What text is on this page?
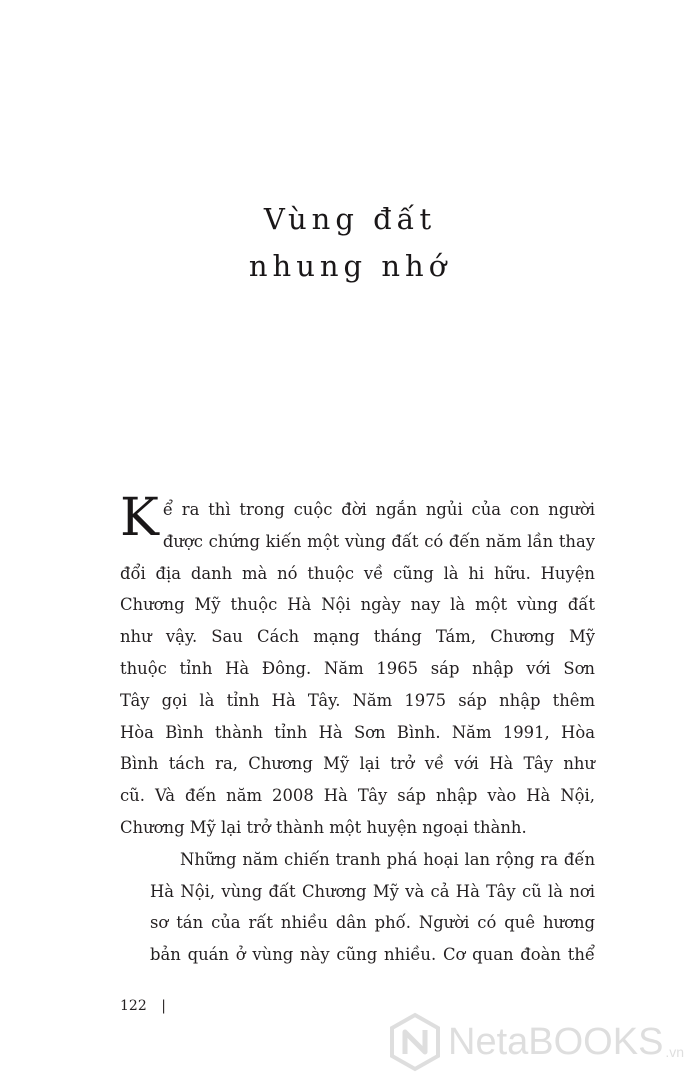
Vùng đất
nhung nhớ
K ể ra thì trong cuộc đời ngắn ngủi của con người
được chứng kiến một vùng đất có đến năm lần thay
đổi địa danh mà nó thuộc về cũng là hi hữu. Huyện
Chương Mỹ thuộc Hà Nội ngày nay là một vùng đất
như vậy. Sau Cách mạng tháng Tám, Chương Mỹ
thuộc tỉnh Hà Đông. Năm 1965 sáp nhập với Sơn
Tây gọi là tỉnh Hà Tây. Năm 1975 sáp nhập thêm
Hòa Bình thành tỉnh Hà Sơn Bình. Năm 1991, Hòa
Bình tách ra, Chương Mỹ lại trở về với Hà Tây như
cũ. Và đến năm 2008 Hà Tây sáp nhập vào Hà Nội,
Chương Mỹ lại trở thành một huyện ngoại thành.
Những năm chiến tranh phá hoại lan rộng ra đến
Hà Nội, vùng đất Chương Mỹ và cả Hà Tây cũ là nơi
sơ tán của rất nhiều dân phố. Người có quê hương
bản quán ở vùng này cũng nhiều. Cơ quan đoàn thể
122 |
NetaBOOKS .vn
